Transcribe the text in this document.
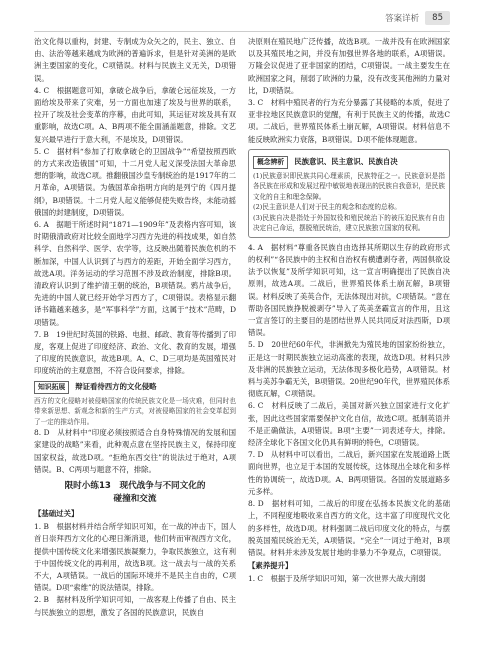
答案详析	85

治文化得以重构，封建、专制成为众矢之的，民主、独立、自由、法治等越来越成为欧洲的普遍诉求，但是针对美洲的是欧洲主要国家的变化，C项错误。材料与民族主义无关，D项错误。

4. C　根据题意可知，拿破仑战争后，拿破仑远征埃及，一方面给埃及带来了灾难，另一方面也加速了埃及与世界的联系，拉开了埃及社会变革的序幕，由此可知，其运征对埃及具有双重影响，故选C项。A、B两项不能全面涵盖题意，排除。文艺复兴最早进行于意大利，不是埃及，D项错误。

5. C　据材料“参加了打败拿破仑的卫国战争”“希望按照西欧的方式来改造俄国”可知，十二月党人起义深受法国大革命思想的影响，故选C项。推翻俄国沙皇专制统治的是1917年的二月革命，A项错误。为俄国革命指明方向的是列宁的《四月提纲》，B项错误。十二月党人起义能够促使失败告终，未能动摇俄国的封建制度，D项错误。

6. A　据题干所述时间“1871—1909年”及表格内容可知，该时期俄清政府对比较全面地学习西方先进的科技成果，如自然科学、自然科学、医学、农学等，这反映出随着民族危机的不断加深，中国人认识到了与西方的差距，开始全面学习西方，故选A项。洋务运动的学习范围不涉及政治制度，排除B项。清政府认识到了维护清王朝的统治，B项错误。鸦片战争后，先进的中国人就已经开始学习西方了，C项错误。表格显示翻译书籍越来越多，是“军事科学”方面，这属于“技术”范畴，D项错误。

7. B　19世纪时英国的铁路、电报、邮政、教育等传播到了印度，客观上促进了印度经济、政治、文化、教育的发展，增强了印度的民族意识，故选B项。A、C、D三项均是英国殖民对印度统治的主观意图，不符合设问要求，排除。

知识拓展	辩证看待西方的文化侵略

西方的文化侵略对被侵略国家的传统民族文化是一场灾难，但同时也带来新思想、新观念和新的生产方式，对被侵略国家的社会变革起到了一定的推动作用。

8. D　从材料中“印度必须按照适合自身特殊情况的发展和国家建设的战略”来看，此种观点意在坚持民族主义，保持印度国家权益，故选D项。“拒绝东西交往”的说法过于绝对，A项错误。B、C两项与题意不符，排除。

限时小练13　现代战争与不同文化的
碰撞和交流
【基础过关】

1. B　根据材料并结合所学知识可知，在一战的冲击下，国人首日崇拜西方文化的心理日渐消退，他们转而审视西方文化，提供中国传统文化来增强民族凝聚力，争取民族独立，这有利于中国传统文化的再利用，故选B项。这一战去与一战的关系不大，A项错误。一战后的国际环境并不是民主自由的，C项错误。D项“索维”的说法错误，排除。

2. B　据材料及所学知识可知，一战客观上传播了自由、民主与民族独立的思想，激发了各国的民族意识，民族自

决原则在殖民地广泛传播，故选B项。一战并没有在欧洲国家以及其殖民地之间，并没有加强世界各地的联系，A项错误。万隆会议促进了亚非国家的团结，C项错误。一战主要发生在欧洲国家之间，削弱了欧洲的力量，没有改变其他洲的力量对比，D项错误。

3. C　材料中殖民者的行为充分暴露了其侵略的本质，促进了亚非拉地区民族意识的觉醒，有利于民族主义的传播，故选C项。二战后，世界殖民体系土崩瓦解，A项错误。材料信息不能反映欧洲实力衰落，B项错误。D项不能体现题意。

概念辨析	民族意识、民主意识、民族自决

(1)民族意识即民族共同心理素质，民族特征之一。民族意识是指各民族在形成和发展过程中敏锐地表现出的民族自我意识，是民族文化的自主和理念保障。

(2)民主意识是人们对于民主的观念和态度的总称。

(3)民族自决是指处于外国奴役和殖民统治下的被压迫民族有自由决定自己命运，摆脱殖民统治，建立民族独立国家的权利。

4. A　据材料“尊重各民族自由选择其所期以生存的政府形式的权利”“各民族中的主权和自治权有横遭剥夺者，两国俱欲设法予以恢复”及所学知识可知，这一宣言明确提出了民族自决原则，故选A项。二战后，世界殖民体系土崩瓦解，B项错误。材料反映了美英合作，无法体现出对抗，C项错误。“意在帮助各国民族挣脱被剥夺”导入了英美垄霸宣言的作用，且这一宣言签订的主要目的是团结世界人民共同反对法西斯，D项错误。

5. D　20世纪60年代，非洲掀先为殖民地的国家纷纷独立，正是这一时期民族独立运动高涨的表现，故选D项。材料只涉及非洲的民族独立运动，无法体现多极化趋势，A项错误。材料与美苏争霸无关，B项错误。20世纪90年代，世界殖民体系彻底瓦解，C项错误。

6. C　材料反映了二战后，美国对新兴独立国家进行文化扩张，因此这些国家需要保护文化自信，故选C项。抵制英语并不是正确做法，A项错误。B项“主要”一词表述夸大，排除。经济全球化下各国文化仍具有鲜明的特色，C项错误。

7. D　从材料中可以看出，二战后，新兴国家在发展道路上既面向世界，也立足于本国的发展传统，这体现出全球化和多样性的协调统一，故选D项。A、B两项错误。各国的发展道路多元多样。

8. D　据材料可知，二战后的印度在弘扬本民族文化的基础上，不同程度地吸收来自西方的文化，这丰富了印度现代文化的多样性，故选D项。材料强调二战后印度文化的特点，与摆脱英国殖民统治无关，A项错误。“完全”一词过于绝对，B项错误。材料并未涉及发展甘地的非暴力不争观点，C项错误。

【素养提升】

1. C　根据于及所学知识可知，第一次世界大战大削弱
